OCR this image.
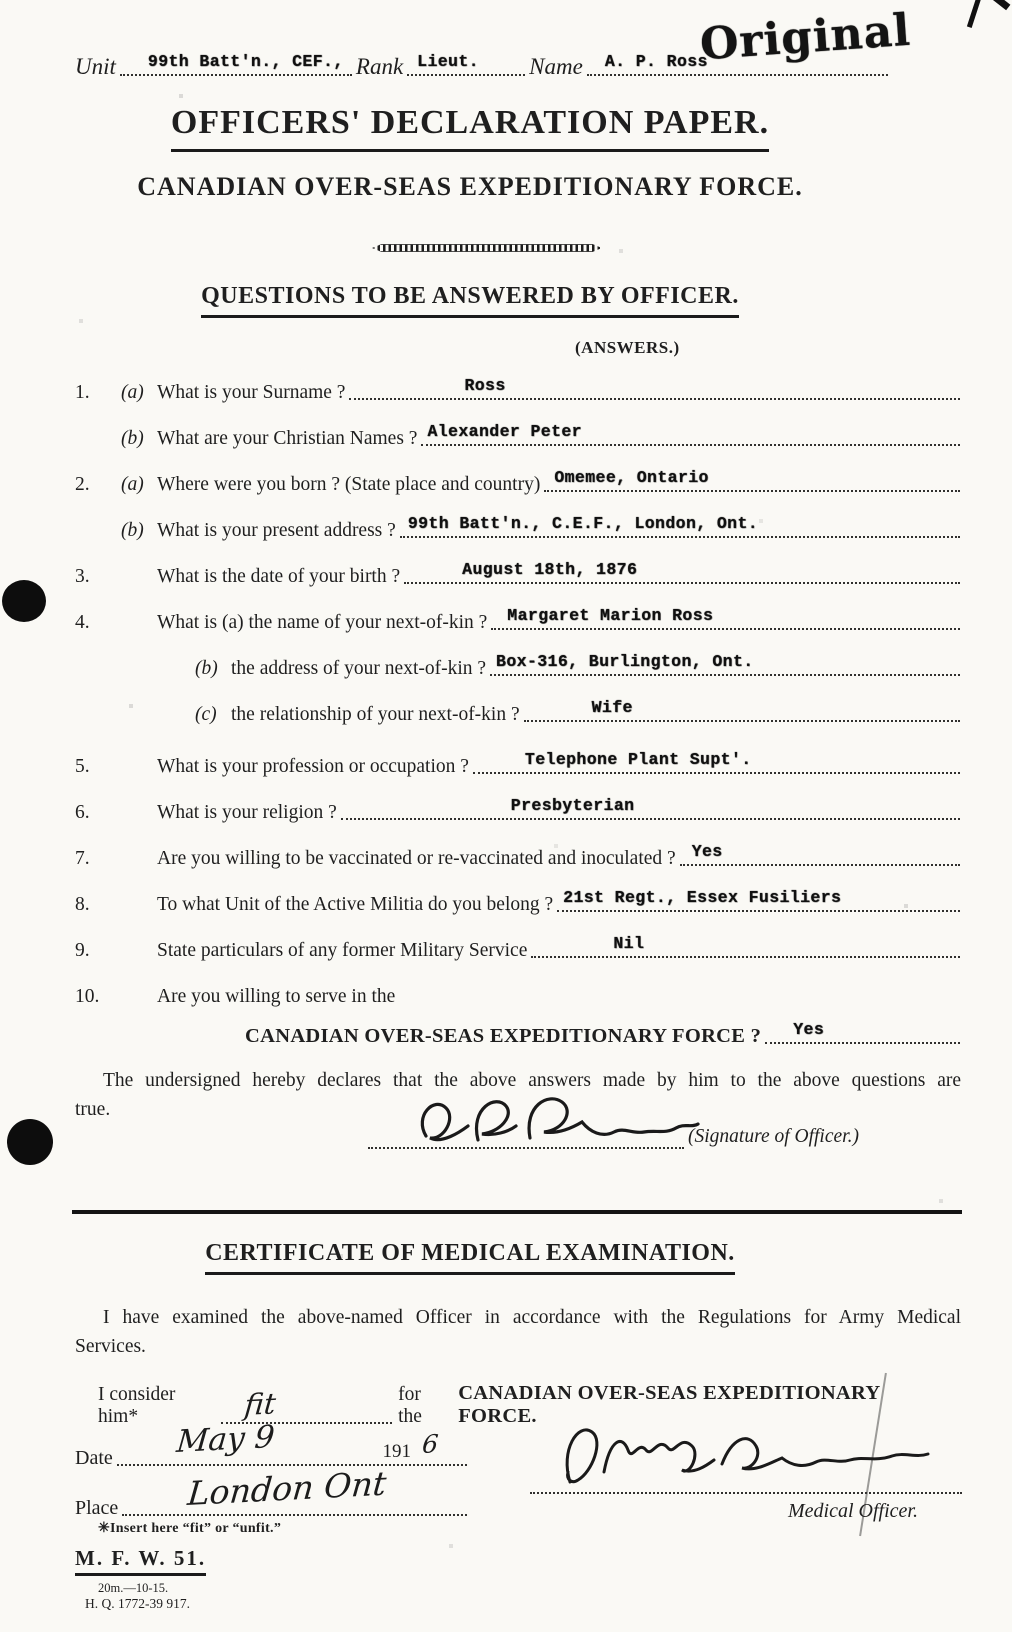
Original
Unit 99th Batt'n., CEF., Rank Lieut. Name A. P. Ross
OFFICERS' DECLARATION PAPER.
CANADIAN OVER-SEAS EXPEDITIONARY FORCE.
QUESTIONS TO BE ANSWERED BY OFFICER.
(ANSWERS.)
1.	(a) What is your Surname ?	Ross
(b) What are your Christian Names ? Alexander Peter
2.	(a) Where were you born ? (State place and country) Omemee, Ontario
(b) What is your present address ? 99th Batt'n., C.E.F., London, Ont.
3.	What is the date of your birth ?	August 18th, 1876
4.	What is (a) the name of your next-of-kin ? Margaret Marion Ross
(b) the address of your next-of-kin ? Box-316, Burlington, Ont.
(c) the relationship of your next-of-kin ?	Wife
5.	What is your profession or occupation ?	Telephone Plant Supt'.
6.	What is your religion ?	Presbyterian
7.	Are you willing to be vaccinated or re-vaccinated and inoculated ? Yes
8.	To what Unit of the Active Militia do you belong ? 21st Regt., Essex Fusiliers
9.	State particulars of any former Military Service	Nil
10.	Are you willing to serve in the
CANADIAN OVER-SEAS EXPEDITIONARY FORCE ? Yes
The undersigned hereby declares that the above answers made by him to the above questions are true.
(Signature of Officer.)
CERTIFICATE OF MEDICAL EXAMINATION.
I have examined the above-named Officer in accordance with the Regulations for Army Medical Services.
I consider him*	fit	for the
CANADIAN OVER-SEAS EXPEDITIONARY FORCE.
Date May 9	191 6
Place London Ont	Medical Officer.
✳Insert here “fit” or “unfit.”
M. F. W. 51.
20m.—10-15.
H. Q. 1772-39 917.
